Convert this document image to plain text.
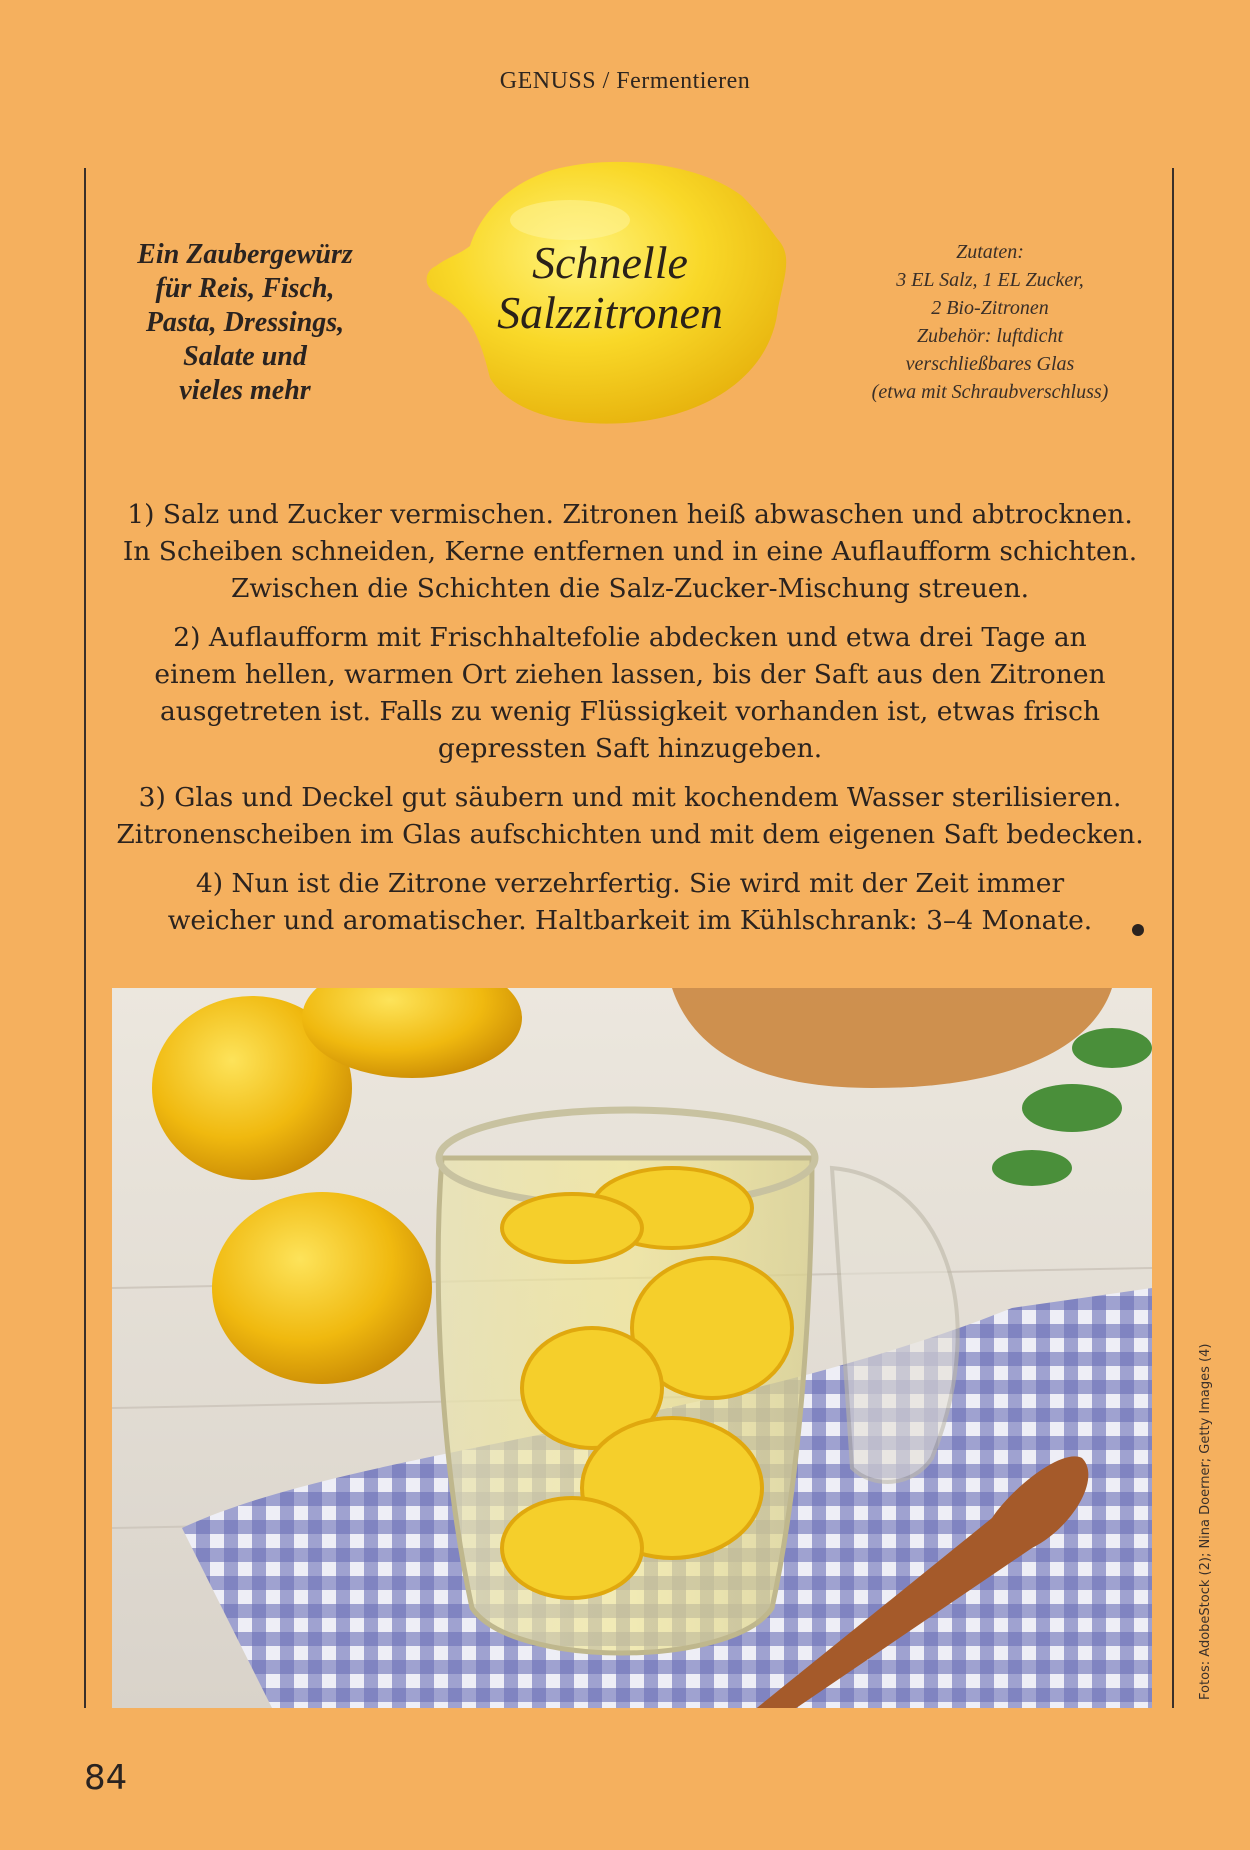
GENUSS / Fermentieren
Ein Zaubergewürz
für Reis, Fisch,
Pasta, Dressings,
Salate und
vieles mehr
Schnelle
Salzzitronen
Zutaten:
3 EL Salz, 1 EL Zucker,
2 Bio-Zitronen
Zubehör: luftdicht
verschließbares Glas
(etwa mit Schraubverschluss)

1) Salz und Zucker vermischen. Zitronen heiß abwaschen und abtrocknen.
In Scheiben schneiden, Kerne entfernen und in eine Auflaufform schichten.
Zwischen die Schichten die Salz-Zucker-Mischung streuen.

2) Auflaufform mit Frischhaltefolie abdecken und etwa drei Tage an
einem hellen, warmen Ort ziehen lassen, bis der Saft aus den Zitronen
ausgetreten ist. Falls zu wenig Flüssigkeit vorhanden ist, etwas frisch
gepressten Saft hinzugeben.

3) Glas und Deckel gut säubern und mit kochendem Wasser sterilisieren.
Zitronenscheiben im Glas aufschichten und mit dem eigenen Saft bedecken.

4) Nun ist die Zitrone verzehrfertig. Sie wird mit der Zeit immer
weicher und aromatischer. Haltbarkeit im Kühlschrank: 3–4 Monate.

Fotos: AdobeStock (2); Nina Doerner; Getty Images (4)
84
